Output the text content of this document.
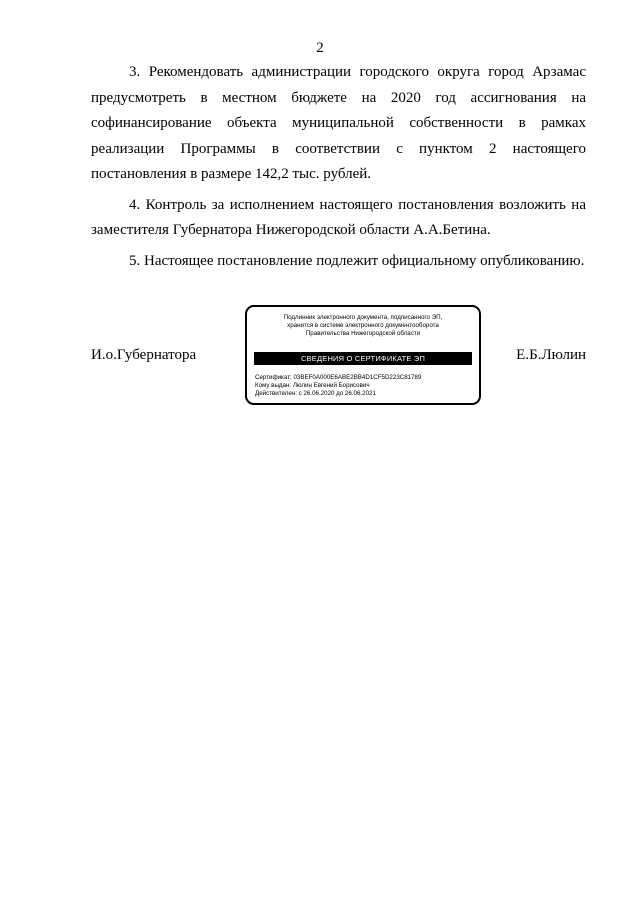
2

3. Рекомендовать администрации городского округа город Арзамас предусмотреть в местном бюджете на 2020 год ассигнования на софинансирование объекта муниципальной собственности в рамках реализации Программы в соответствии с пунктом 2 настоящего постановления в размере 142,2 тыс. рублей.

4. Контроль за исполнением настоящего постановления возложить на заместителя Губернатора Нижегородской области А.А.Бетина.

5. Настоящее постановление подлежит официальному опубликованию.

И.о.Губернатора
Подлинник электронного документа, подписанного ЭП,
хранится в системе электронного документооборота
Правительства Нижегородской области
СВЕДЕНИЯ О СЕРТИФИКАТЕ ЭП
Сертификат: 03BEF0A000E6ABE2BB4D1CF5D223C81789
Кому выдан: Люлин Евгений Борисович
Действителен: с 26.06.2020 до 26.06.2021
Е.Б.Люлин
